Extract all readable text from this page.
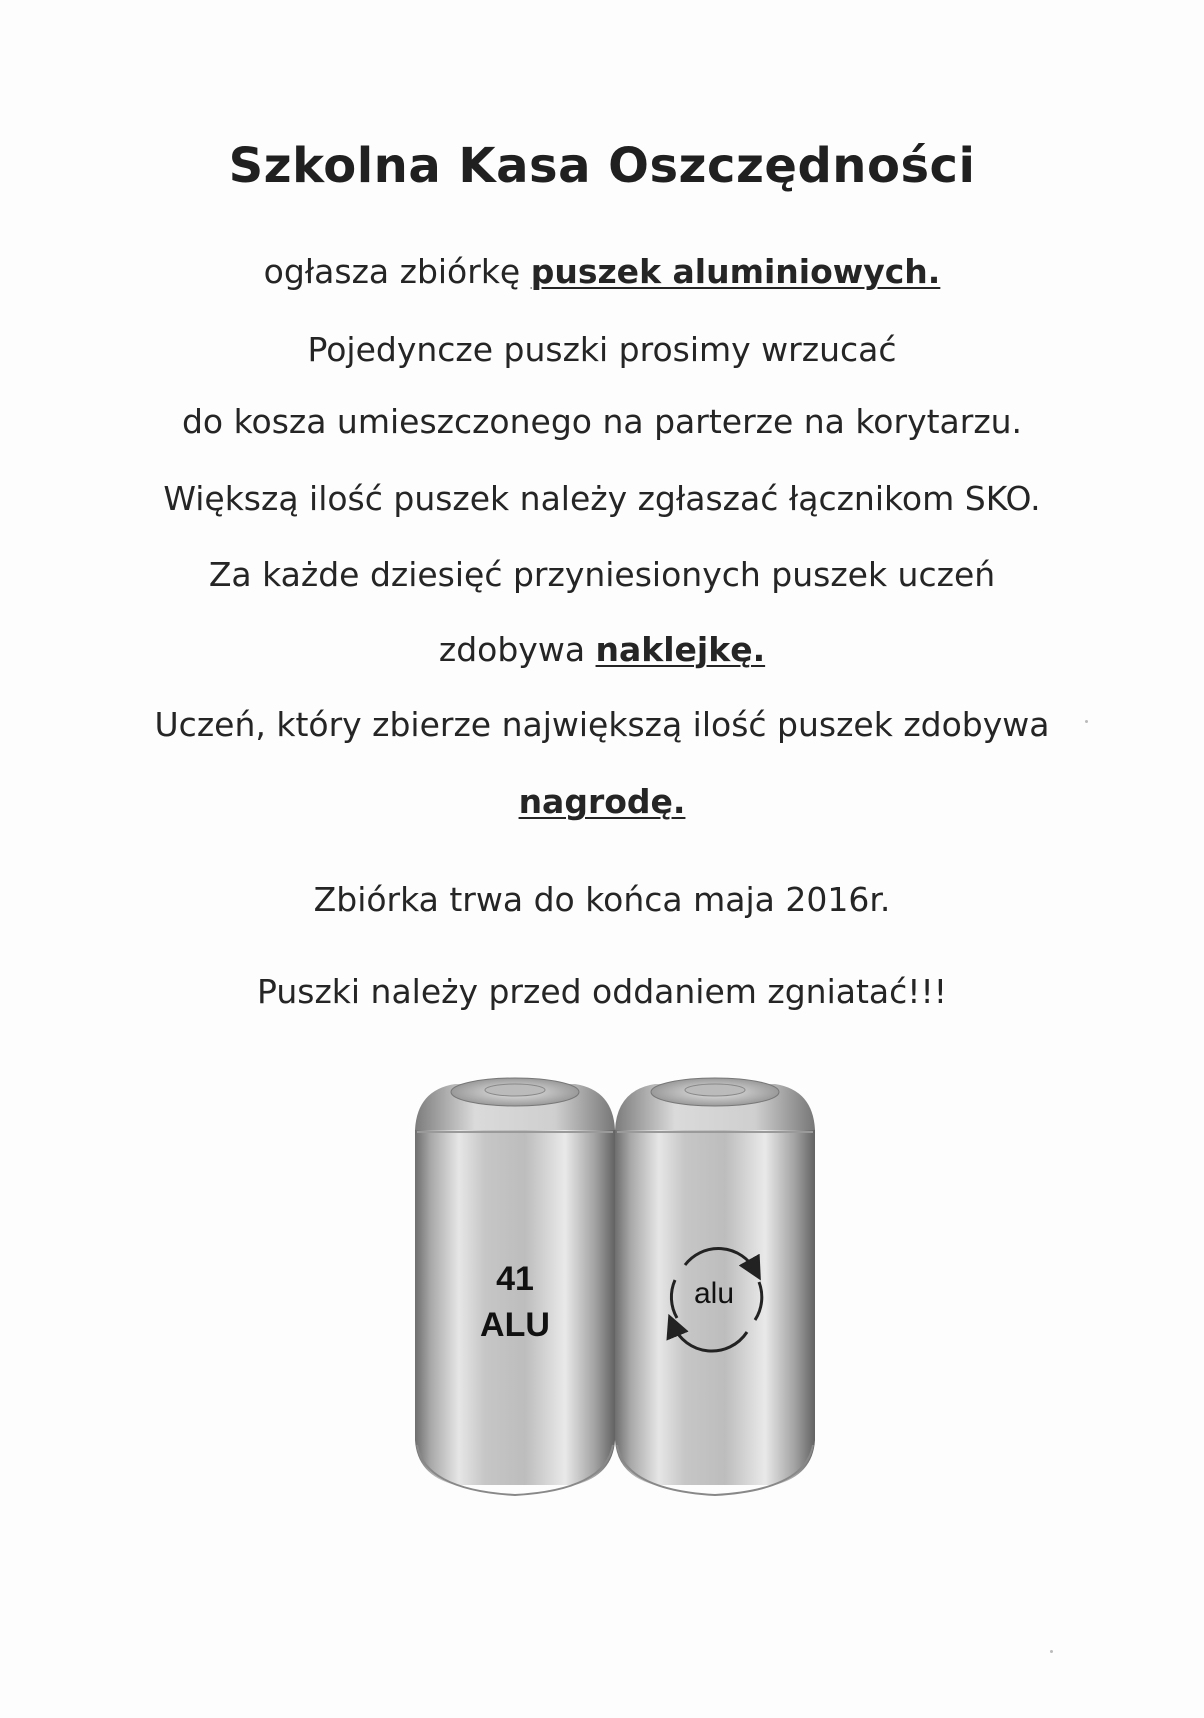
Szkolna Kasa Oszczędności
ogłasza zbiórkę puszek aluminiowych.
Pojedyncze puszki prosimy wrzucać
do kosza umieszczonego na parterze na korytarzu.
Większą ilość puszek należy zgłaszać łącznikom SKO.
Za każde dziesięć przyniesionych puszek uczeń
zdobywa naklejkę.
Uczeń, który zbierze największą ilość puszek zdobywa
nagrodę.
Zbiórka trwa do końca maja 2016r.
Puszki należy przed oddaniem zgniatać!!!
41
ALU
alu
